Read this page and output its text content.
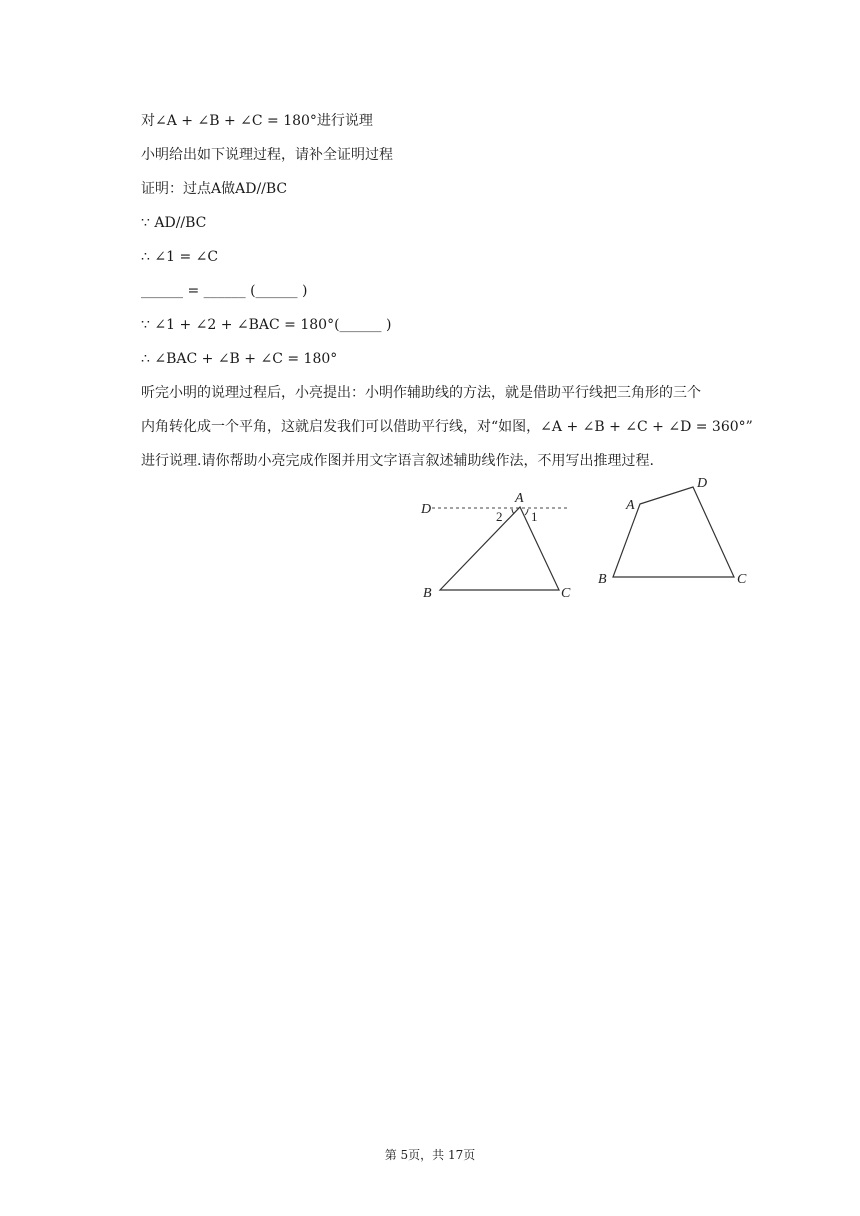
对∠A + ∠B + ∠C = 180°进行说理
小明给出如下说理过程，请补全证明过程
证明：过点A做AD//BC
∵ AD//BC
∴ ∠1 = ∠C
______ = ______ (______ )
∵ ∠1 + ∠2 + ∠BAC = 180°(______ )
∴ ∠BAC + ∠B + ∠C = 180°
听完小明的说理过程后，小亮提出：小明作辅助线的方法，就是借助平行线把三角形的三个
内角转化成一个平角，这就启发我们可以借助平行线，对“如图，∠A + ∠B + ∠C + ∠D = 360°”
进行说理.请你帮助小亮完成作图并用文字语言叙述辅助线作法，不用写出推理过程.
D
A
2 1
B	C
A
D
B	C
第 5页，共 17页
